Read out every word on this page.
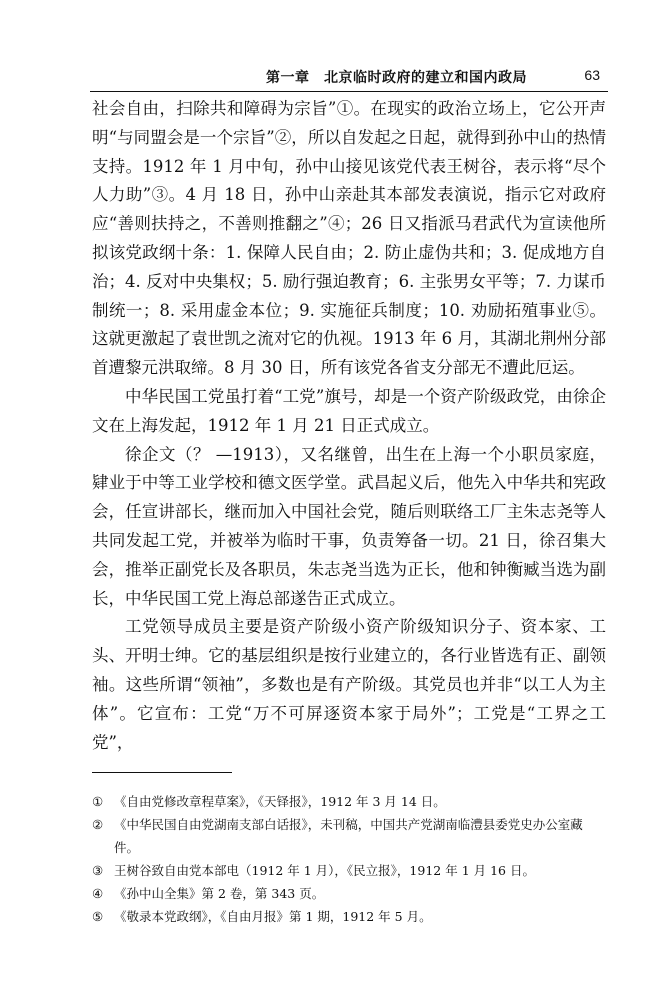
第一章　北京临时政府的建立和国内政局	63

社会自由，扫除共和障碍为宗旨”①。在现实的政治立场上，它公开声明“与同盟会是一个宗旨”②，所以自发起之日起，就得到孙中山的热情支持。1912 年 1 月中旬，孙中山接见该党代表王树谷，表示将“尽个人力助”③。4 月 18 日，孙中山亲赴其本部发表演说，指示它对政府应“善则扶持之，不善则推翻之”④；26 日又指派马君武代为宣读他所拟该党政纲十条：1. 保障人民自由；2. 防止虚伪共和；3. 促成地方自治；4. 反对中央集权；5. 励行强迫教育；6. 主张男女平等；7. 力谋币制统一；8. 采用虚金本位；9. 实施征兵制度；10. 劝励拓殖事业⑤。这就更激起了袁世凯之流对它的仇视。1913 年 6 月，其湖北荆州分部首遭黎元洪取缔。8 月 30 日，所有该党各省支分部无不遭此厄运。

中华民国工党虽打着“工党”旗号，却是一个资产阶级政党，由徐企文在上海发起，1912 年 1 月 21 日正式成立。

徐企文（？ —1913），又名继曾，出生在上海一个小职员家庭，肄业于中等工业学校和德文医学堂。武昌起义后，他先入中华共和宪政会，任宣讲部长，继而加入中国社会党，随后则联络工厂主朱志尧等人共同发起工党，并被举为临时干事，负责筹备一切。21 日，徐召集大会，推举正副党长及各职员，朱志尧当选为正长，他和钟衡臧当选为副长，中华民国工党上海总部遂告正式成立。

工党领导成员主要是资产阶级小资产阶级知识分子、资本家、工头、开明士绅。它的基层组织是按行业建立的，各行业皆选有正、副领袖。这些所谓“领袖”，多数也是有产阶级。其党员也并非“以工人为主体”。它宣布：工党“万不可屏逐资本家于局外”；工党是“工界之工党”，

① 《自由党修改章程草案》，《天铎报》，1912 年 3 月 14 日。

② 《中华民国自由党湖南支部白话报》，未刊稿，中国共产党湖南临澧县委党史办公室藏件。

③ 王树谷致自由党本部电（1912 年 1 月），《民立报》，1912 年 1 月 16 日。

④ 《孙中山全集》第 2 卷，第 343 页。

⑤ 《敬录本党政纲》，《自由月报》第 1 期，1912 年 5 月。
